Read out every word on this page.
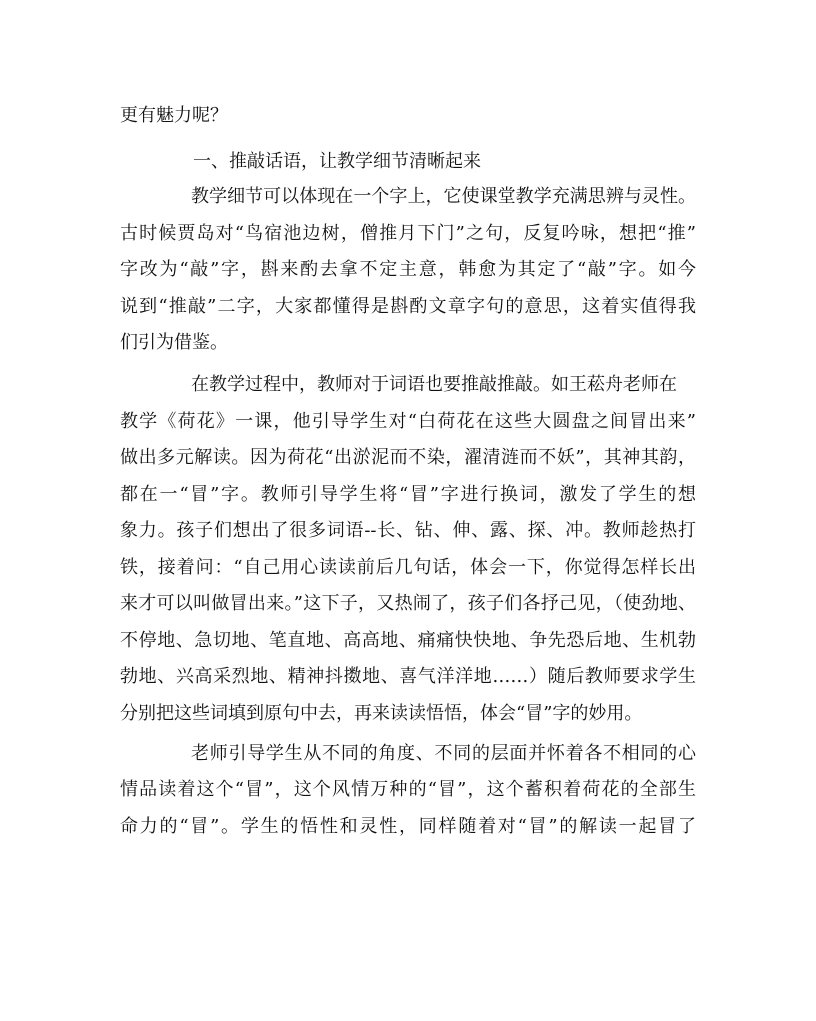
更有魅力呢？
一、推敲话语，让教学细节清晰起来
教学细节可以体现在一个字上，它使课堂教学充满思辨与灵性。
古时候贾岛对“鸟宿池边树，僧推月下门”之句，反复吟咏，想把“推”
字改为“敲”字，斟来酌去拿不定主意，韩愈为其定了“敲”字。如今
说到“推敲”二字，大家都懂得是斟酌文章字句的意思，这着实值得我
们引为借鉴。
在教学过程中，教师对于词语也要推敲推敲。如王菘舟老师在
教学《荷花》一课，他引导学生对“白荷花在这些大圆盘之间冒出来”
做出多元解读。因为荷花“出淤泥而不染，濯清涟而不妖”，其神其韵，
都在一“冒”字。教师引导学生将“冒”字进行换词，激发了学生的想
象力。孩子们想出了很多词语--长、钻、伸、露、探、冲。教师趁热打
铁，接着问：“自己用心读读前后几句话，体会一下，你觉得怎样长出
来才可以叫做冒出来。”这下子，又热闹了，孩子们各抒己见，（使劲地、
不停地、急切地、笔直地、高高地、痛痛快快地、争先恐后地、生机勃
勃地、兴高采烈地、精神抖擞地、喜气洋洋地……）随后教师要求学生
分别把这些词填到原句中去，再来读读悟悟，体会“冒”字的妙用。
老师引导学生从不同的角度、不同的层面并怀着各不相同的心
情品读着这个“冒”，这个风情万种的“冒”，这个蓄积着荷花的全部生
命力的“冒”。学生的悟性和灵性，同样随着对“冒”的解读一起冒了
